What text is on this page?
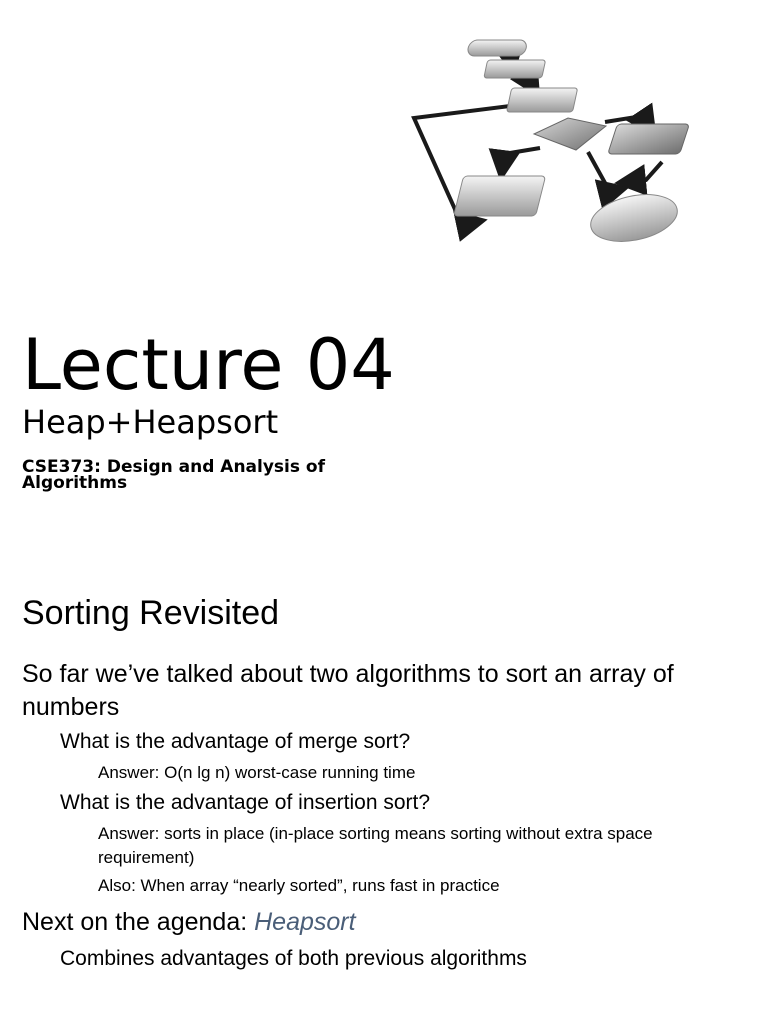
Lecture 04
Heap+Heapsort

CSE373: Design and Analysis of Algorithms

Sorting Revisited

So far we’ve talked about two algorithms to sort an array of numbers

What is the advantage of merge sort?

Answer: O(n lg n) worst-case running time

What is the advantage of insertion sort?

Answer: sorts in place (in-place sorting means sorting without extra space requirement)

Also: When array “nearly sorted”, runs fast in practice

Next on the agenda: Heapsort

Combines advantages of both previous algorithms
